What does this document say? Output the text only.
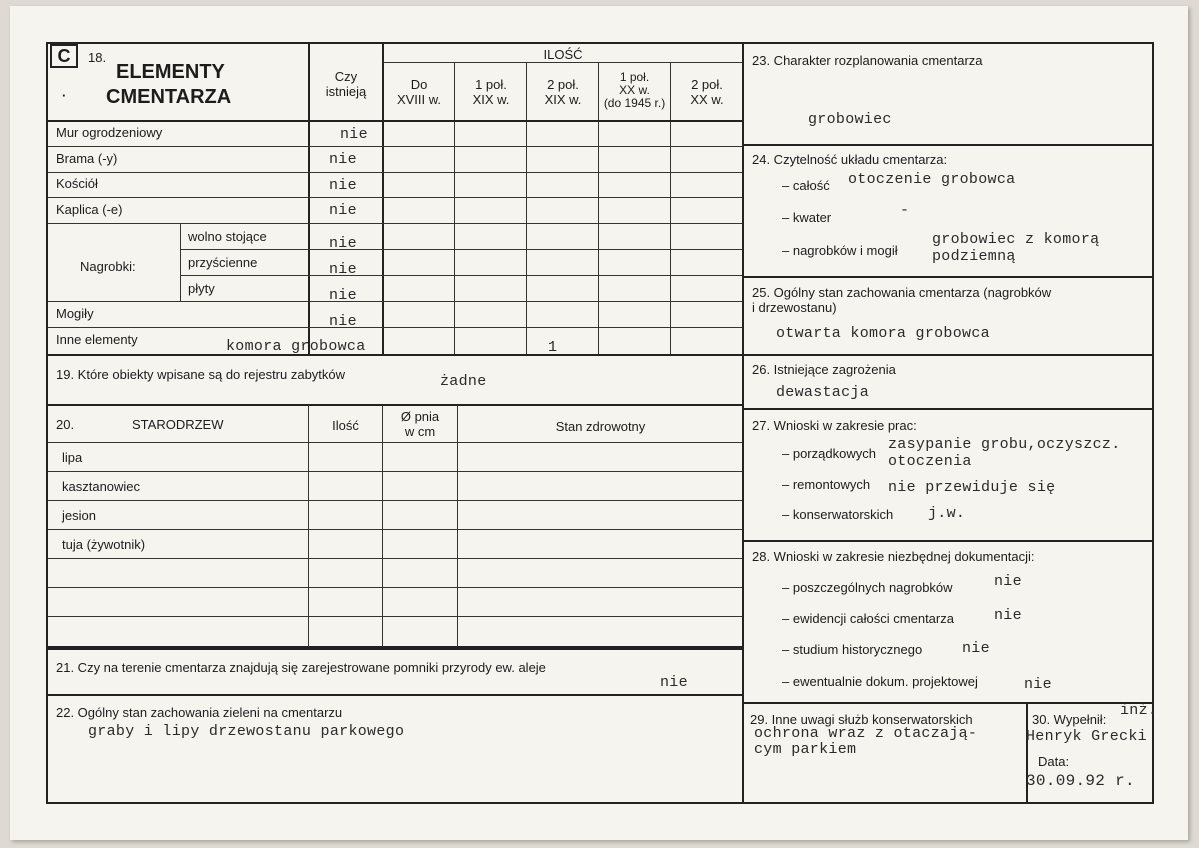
C	18.
ELEMENTY
CMENTARZA
·
Czy
istnieją
ILOŚĆ
Do
XVIII w.
1 poł.
XIX w.
2 poł.
XIX w.
1 poł.
XX w.
(do 1945 r.)
2 poł.
XX w.
Mur ogrodzeniowy	nie
Brama (-y)	nie
Kościół	nie
Kaplica (-e)	nie
Nagrobki:
wolno stojące	nie
przyścienne	nie
płyty	nie
Mogiły	nie
Inne elementy	komora grobowca	1
19. Które obiekty wpisane są do rejestru zabytków	żadne
20.	STARODRZEW	Ilość
Ø pnia
w cm	Stan zdrowotny
lipa
kasztanowiec
jesion
tuja (żywotnik)
21. Czy na terenie cmentarza znajdują się zarejestrowane pomniki przyrody ew. aleje
nie
22. Ogólny stan zachowania zieleni na cmentarzu
graby i lipy drzewostanu parkowego
23. Charakter rozplanowania cmentarza
grobowiec
24. Czytelność układu cmentarza:
– całość otoczenie grobowca
– kwater	-
– nagrobków i mogił
grobowiec z komorą
podziemną
25. Ogólny stan zachowania cmentarza (nagrobków
i drzewostanu)
otwarta komora grobowca
26. Istniejące zagrożenia
dewastacja
27. Wnioski w zakresie prac:
– porządkowych
zasypanie grobu,oczyszcz.
otoczenia
– remontowych nie przewiduje się
– konserwatorskich j.w.
28. Wnioski w zakresie niezbędnej dokumentacji:
– poszczególnych nagrobków	nie
– ewidencji całości cmentarza	nie
– studium historycznego	nie
– ewentualnie dokum. projektowej	nie
29. Inne uwagi służb konserwatorskich
ochrona wraz z otaczają-
cym parkiem
30. Wypełnił:
inż.
Henryk Grecki
Data:
30.09.92 r.
